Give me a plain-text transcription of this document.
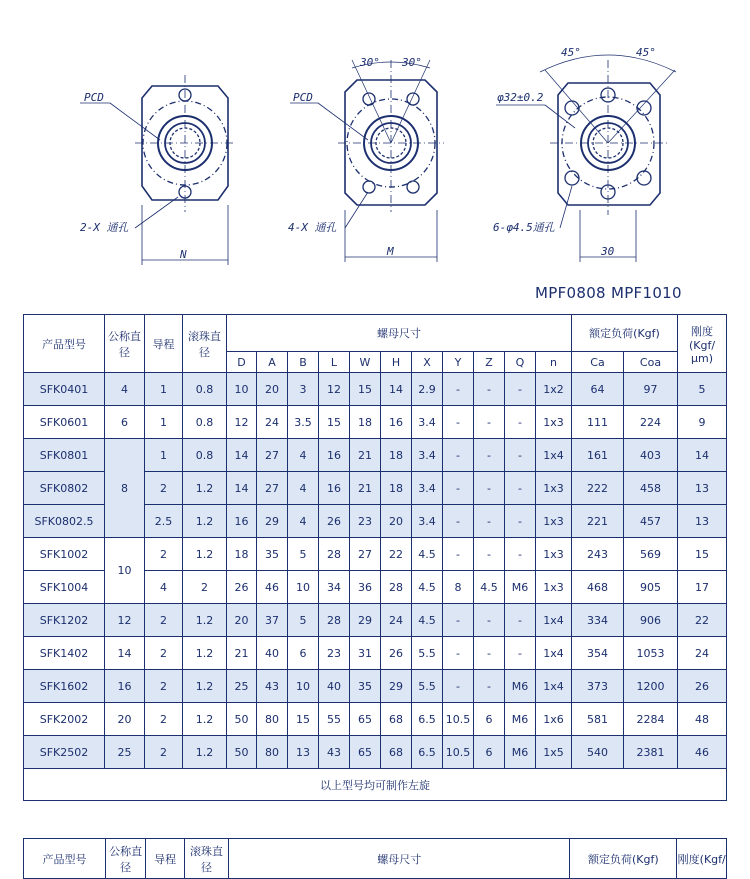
PCD
2-X 通孔
N
PCD
4-X 通孔
M
30° 30°
φ32±0.2
6-φ4.5通孔
30
45°	45°
MPF0808 MPF1010
产品型号	公称直径	导程	滚珠直径	螺母尺寸											额定负荷(Kgf)		刚度(Kgf/μm)
				D	A	B	L	W	H	X	Y	Z	Q	n	Ca	Coa	
SFK0401	4	1	0.8	10	20	3	12	15	14	2.9	-	-	-	1x2	64	97	5
SFK0601	6	1	0.8	12	24	3.5	15	18	16	3.4	-	-	-	1x3	111	224	9
SFK0801	8	1	0.8	14	27	4	16	21	18	3.4	-	-	-	1x4	161	403	14
SFK0802		2	1.2	14	27	4	16	21	18	3.4	-	-	-	1x3	222	458	13
SFK0802.5		2.5	1.2	16	29	4	26	23	20	3.4	-	-	-	1x3	221	457	13
SFK1002	10	2	1.2	18	35	5	28	27	22	4.5	-	-	-	1x3	243	569	15
SFK1004		4	2	26	46	10	34	36	28	4.5	8	4.5	M6	1x3	468	905	17
SFK1202	12	2	1.2	20	37	5	28	29	24	4.5	-	-	-	1x4	334	906	22
SFK1402	14	2	1.2	21	40	6	23	31	26	5.5	-	-	-	1x4	354	1053	24
SFK1602	16	2	1.2	25	43	10	40	35	29	5.5	-	-	M6	1x4	373	1200	26
SFK2002	20	2	1.2	50	80	15	55	65	68	6.5	10.5	6	M6	1x6	581	2284	48
SFK2502	25	2	1.2	50	80	13	43	65	68	6.5	10.5	6	M6	1x5	540	2381	46
以上型号均可制作左旋																	
产品型号	公称直径	导程	滚珠直径	螺母尺寸	额定负荷(Kgf)	刚度(Kgf/
